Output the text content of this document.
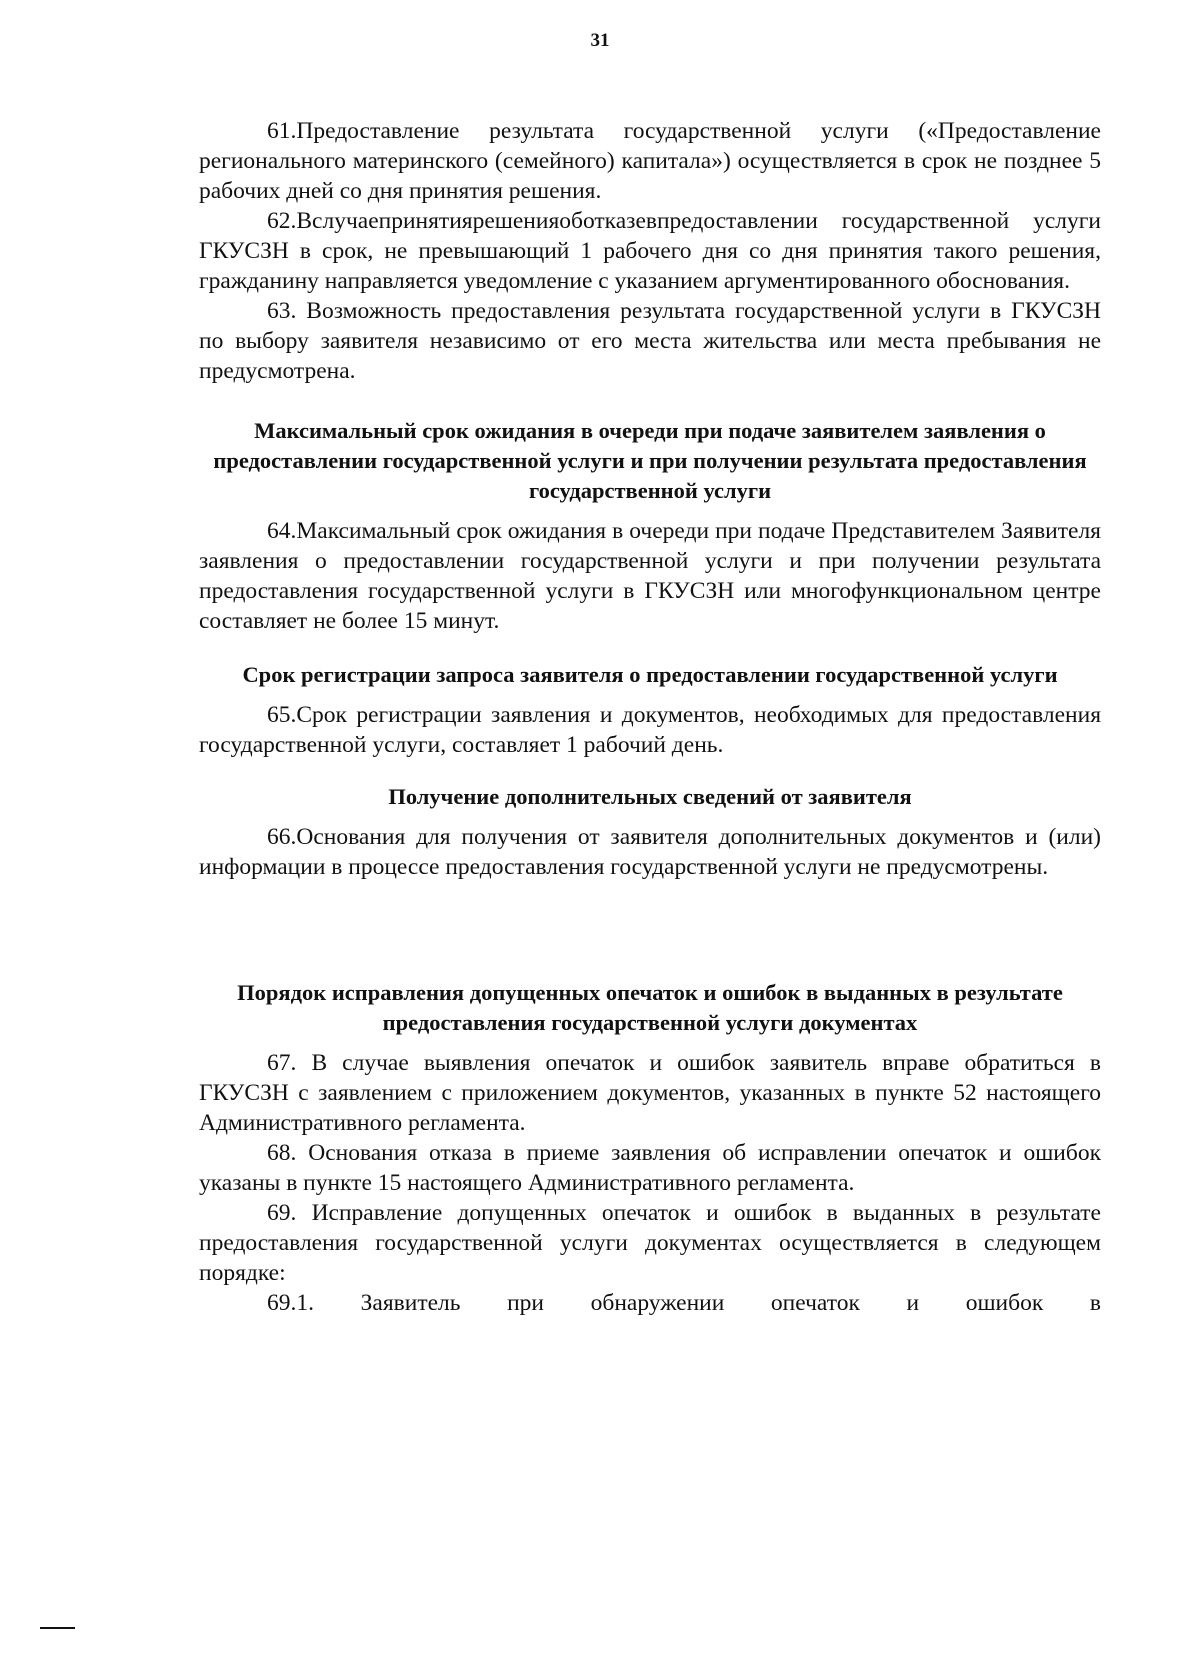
31

61.Предоставление результата государственной услуги («Предоставление регионального материнского (семейного) капитала») осуществляется в срок не позднее 5 рабочих дней со дня принятия решения.

62.Вслучаепринятиярешенияоботказевпредоставлении государственной услуги ГКУСЗН в срок, не превышающий 1 рабочего дня со дня принятия такого решения, гражданину направляется уведомление с указанием аргументированного обоснования.

63. Возможность предоставления результата государственной услуги в ГКУСЗН по выбору заявителя независимо от его места жительства или места пребывания не предусмотрена.

Максимальный срок ожидания в очереди при подаче заявителем заявления о предоставлении государственной услуги и при получении результата предоставления государственной услуги

64.Максимальный срок ожидания в очереди при подаче Представителем Заявителя заявления о предоставлении государственной услуги и при получении результата предоставления государственной услуги в ГКУСЗН или многофункциональном центре составляет не более 15 минут.

Срок регистрации запроса заявителя о предоставлении государственной услуги

65.Срок регистрации заявления и документов, необходимых для предоставления государственной услуги, составляет 1 рабочий день.

Получение дополнительных сведений от заявителя

66.Основания для получения от заявителя дополнительных документов и (или) информации в процессе предоставления государственной услуги не предусмотрены.

Порядок исправления допущенных опечаток и ошибок в выданных в результате предоставления государственной услуги документах

67. В случае выявления опечаток и ошибок заявитель вправе обратиться в ГКУСЗН с заявлением с приложением документов, указанных в пункте 52 настоящего Административного регламента.

68. Основания отказа в приеме заявления об исправлении опечаток и ошибок указаны в пункте 15 настоящего Административного регламента.

69. Исправление допущенных опечаток и ошибок в выданных в результате предоставления государственной услуги документах осуществляется в следующем порядке:

69.1. Заявитель при обнаружении опечаток и ошибок в
